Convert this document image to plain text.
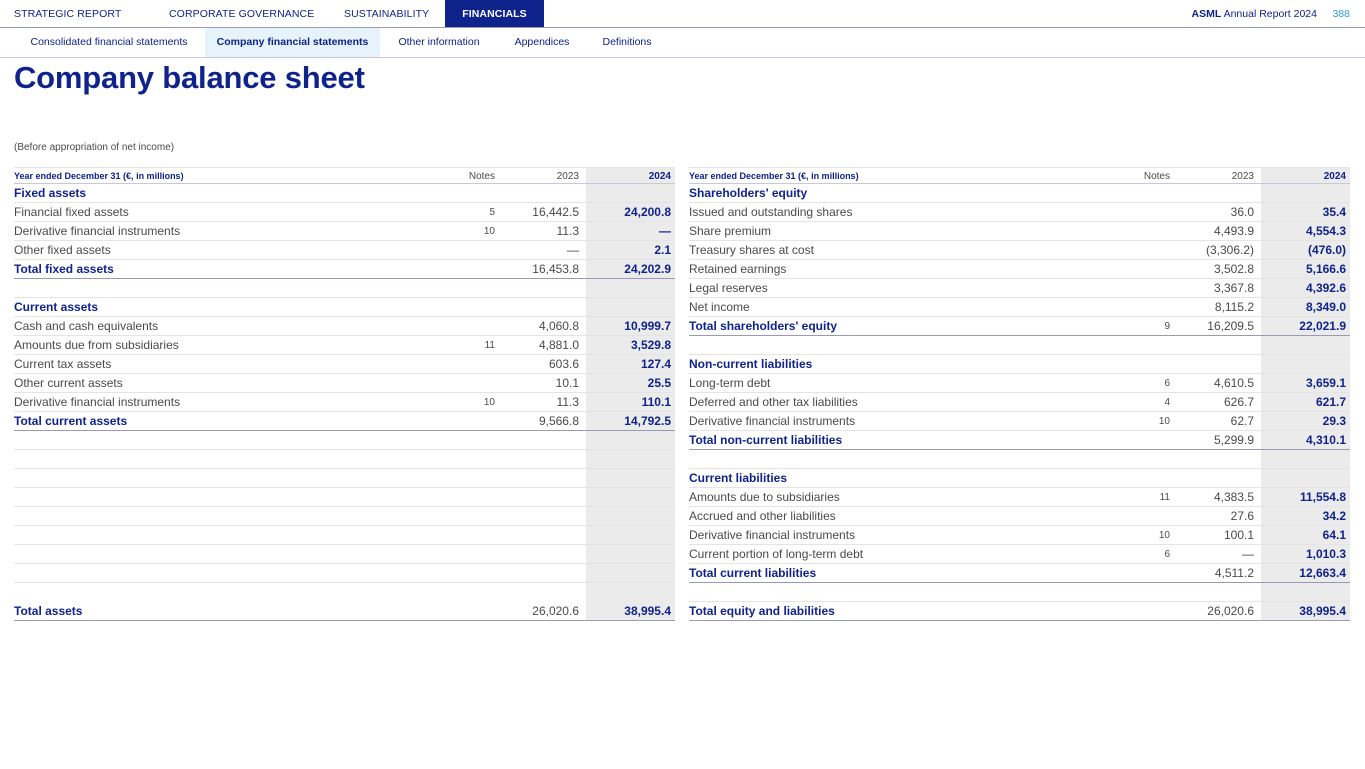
STRATEGIC REPORT	CORPORATE GOVERNANCE	SUSTAINABILITY	FINANCIALS	ASML Annual Report 2024 388
Consolidated financial statements	Company financial statements	Other information	Appendices	Definitions
Company balance sheet
(Before appropriation of net income)
Year ended December 31 (€, in millions)	Notes	2023	2024
Fixed assets
Financial fixed assets	5	16,442.5	24,200.8
Derivative financial instruments	10	11.3	—
Other fixed assets	—	2.1
Total fixed assets	16,453.8	24,202.9
Current assets
Cash and cash equivalents	4,060.8	10,999.7
Amounts due from subsidiaries	11	4,881.0	3,529.8
Current tax assets	603.6	127.4
Other current assets	10.1	25.5
Derivative financial instruments	10	11.3	110.1
Total current assets	9,566.8	14,792.5
Total assets	26,020.6	38,995.4
Year ended December 31 (€, in millions)	Notes	2023	2024
Shareholders' equity
Issued and outstanding shares	36.0	35.4
Share premium	4,493.9	4,554.3
Treasury shares at cost	(3,306.2)	(476.0)
Retained earnings	3,502.8	5,166.6
Legal reserves	3,367.8	4,392.6
Net income	8,115.2	8,349.0
Total shareholders' equity	9	16,209.5	22,021.9
Non-current liabilities
Long-term debt	6	4,610.5	3,659.1
Deferred and other tax liabilities	4	626.7	621.7
Derivative financial instruments	10	62.7	29.3
Total non-current liabilities	5,299.9	4,310.1
Current liabilities
Amounts due to subsidiaries	11	4,383.5	11,554.8
Accrued and other liabilities	27.6	34.2
Derivative financial instruments	10	100.1	64.1
Current portion of long-term debt	6	—	1,010.3
Total current liabilities	4,511.2	12,663.4
Total equity and liabilities	26,020.6	38,995.4
